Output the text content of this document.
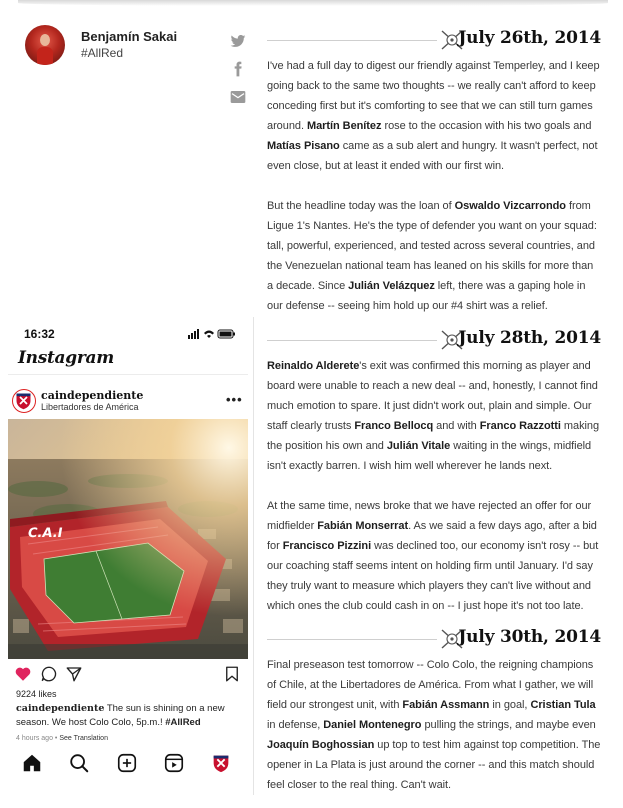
Benjamín Sakai
#AllRed
July 26th, 2014

I've had a full day to digest our friendly against Temperley, and I keep going back to the same two thoughts -- we really can't afford to keep conceding first but it's comforting to see that we can still turn games around. Martín Benítez rose to the occasion with his two goals and Matías Pisano came as a sub alert and hungry. It wasn't perfect, not even close, but at least it ended with our first win.

But the headline today was the loan of Oswaldo Vizcarrondo from Ligue 1's Nantes. He's the type of defender you want on your squad: tall, powerful, experienced, and tested across several countries, and the Venezuelan national team has leaned on his skills for more than a decade. Since Julián Velázquez left, there was a gaping hole in our defense -- seeing him hold up our #4 shirt was a relief.

July 28th, 2014

Reinaldo Alderete's exit was confirmed this morning as player and board were unable to reach a new deal -- and, honestly, I cannot find much emotion to spare. It just didn't work out, plain and simple. Our staff clearly trusts Franco Bellocq and with Franco Razzotti making the position his own and Julián Vitale waiting in the wings, midfield isn't exactly barren. I wish him well wherever he lands next.

At the same time, news broke that we have rejected an offer for our midfielder Fabián Monserrat. As we said a few days ago, after a bid for Francisco Pizzini was declined too, our economy isn't rosy -- but our coaching staff seems intent on holding firm until January. I'd say they truly want to measure which players they can't live without and which ones the club could cash in on -- I just hope it's not too late.

July 30th, 2014

Final preseason test tomorrow -- Colo Colo, the reigning champions of Chile, at the Libertadores de América. From what I gather, we will field our strongest unit, with Fabián Assmann in goal, Cristian Tula in defense, Daniel Montenegro pulling the strings, and maybe even Joaquín Boghossian up top to test him against top competition. The opener in La Plata is just around the corner -- and this match should feel closer to the real thing. Can't wait.

16:32
Instagram
caindependiente
Libertadores de América	•••
9224 likes
caindependiente The sun is shining on a new season. We host Colo Colo, 5p.m.! #AllRed
4 hours ago • See Translation
